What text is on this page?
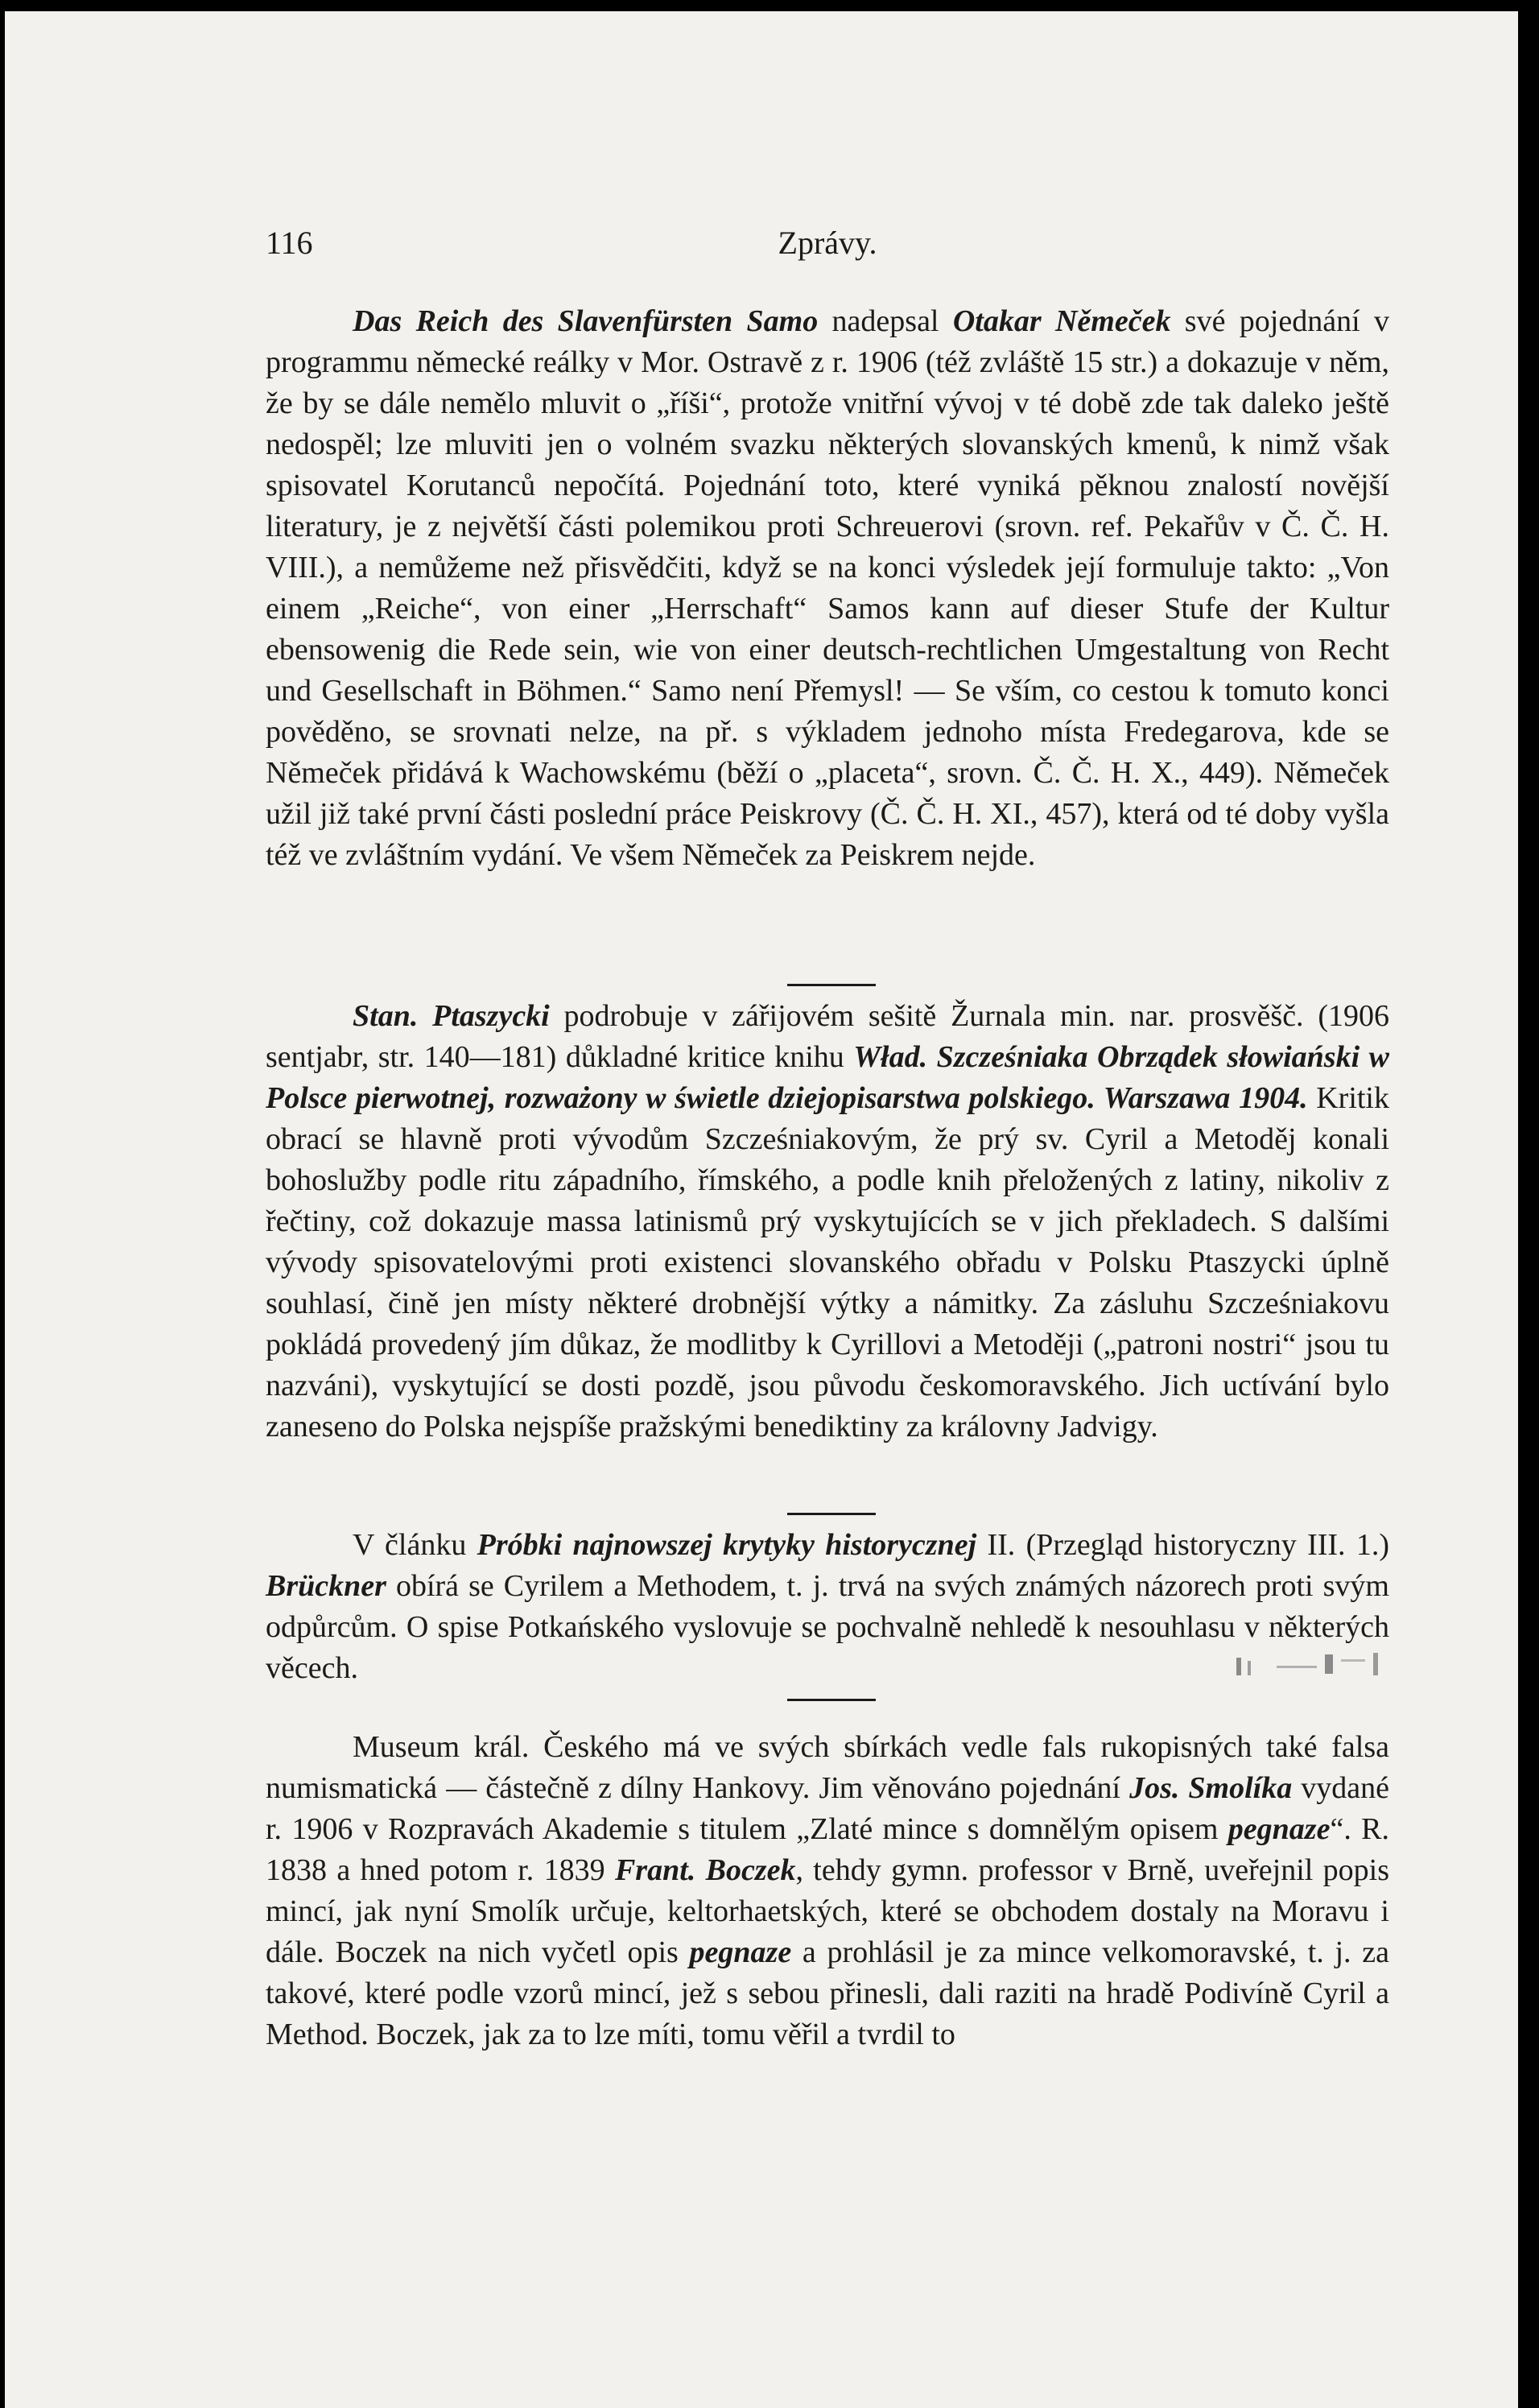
116	Zprávy.

Das Reich des Slavenfürsten Samo nadepsal Otakar Němeček své pojednání v programmu německé reálky v Mor. Ostravě z r. 1906 (též zvláště 15 str.) a dokazuje v něm, že by se dále nemělo mluvit o „říši“, protože vnitřní vývoj v té době zde tak daleko ještě nedospěl; lze mluviti jen o volném svazku některých slovanských kmenů, k nimž však spisovatel Korutanců nepočítá. Pojednání toto, které vyniká pěknou znalostí novější literatury, je z největší části polemikou proti Schreuerovi (srovn. ref. Pekařův v Č. Č. H. VIII.), a nemůžeme než přisvědčiti, když se na konci výsledek její formuluje takto: „Von einem „Reiche“, von einer „Herrschaft“ Samos kann auf dieser Stufe der Kultur ebensowenig die Rede sein, wie von einer deutsch-rechtlichen Umgestaltung von Recht und Gesellschaft in Böhmen.“ Samo není Přemysl! — Se vším, co cestou k tomuto konci pověděno, se srovnati nelze, na př. s výkladem jednoho místa Fredegarova, kde se Němeček přidává k Wachowskému (běží o „placeta“, srovn. Č. Č. H. X., 449). Němeček užil již také první části poslední práce Peiskrovy (Č. Č. H. XI., 457), která od té doby vyšla též ve zvláštním vydání. Ve všem Němeček za Peiskrem nejde.

Stan. Ptaszycki podrobuje v zářijovém sešitě Žurnala min. nar. prosvěšč. (1906 sentjabr, str. 140—181) důkladné kritice knihu Wład. Szcześniaka Obrządek słowiański w Polsce pierwotnej, rozważony w świetle dziejopisarstwa polskiego. Warszawa 1904. Kritik obrací se hlavně proti vývodům Szcześniakovým, že prý sv. Cyril a Metoděj konali bohoslužby podle ritu západního, římského, a podle knih přeložených z latiny, nikoliv z řečtiny, což dokazuje massa latinismů prý vyskytujících se v jich překladech. S dalšími vývody spisovatelovými proti existenci slovanského obřadu v Polsku Ptaszycki úplně souhlasí, čině jen místy některé drobnější výtky a námitky. Za zásluhu Szcześniakovu pokládá provedený jím důkaz, že modlitby k Cyrillovi a Metoději („patroni nostri“ jsou tu nazváni), vyskytující se dosti pozdě, jsou původu českomoravského. Jich uctívání bylo zaneseno do Polska nejspíše pražskými benediktiny za královny Jadvigy.

V článku Próbki najnowszej krytyky historycznej II. (Przegląd historyczny III. 1.) Brückner obírá se Cyrilem a Methodem, t. j. trvá na svých známých názorech proti svým odpůrcům. O spise Potkańského vyslovuje se pochvalně nehledě k nesouhlasu v některých věcech.

Museum král. Českého má ve svých sbírkách vedle fals rukopisných také falsa numismatická — částečně z dílny Hankovy. Jim věnováno pojednání Jos. Smolíka vydané r. 1906 v Rozpravách Akademie s titulem „Zlaté mince s domnělým opisem pegnaze“. R. 1838 a hned potom r. 1839 Frant. Boczek, tehdy gymn. professor v Brně, uveřejnil popis mincí, jak nyní Smolík určuje, keltorhaetských, které se obchodem dostaly na Moravu i dále. Boczek na nich vyčetl opis pegnaze a prohlásil je za mince velkomoravské, t. j. za takové, které podle vzorů mincí, jež s sebou přinesli, dali raziti na hradě Podivíně Cyril a Method. Boczek, jak za to lze míti, tomu věřil a tvrdil to
